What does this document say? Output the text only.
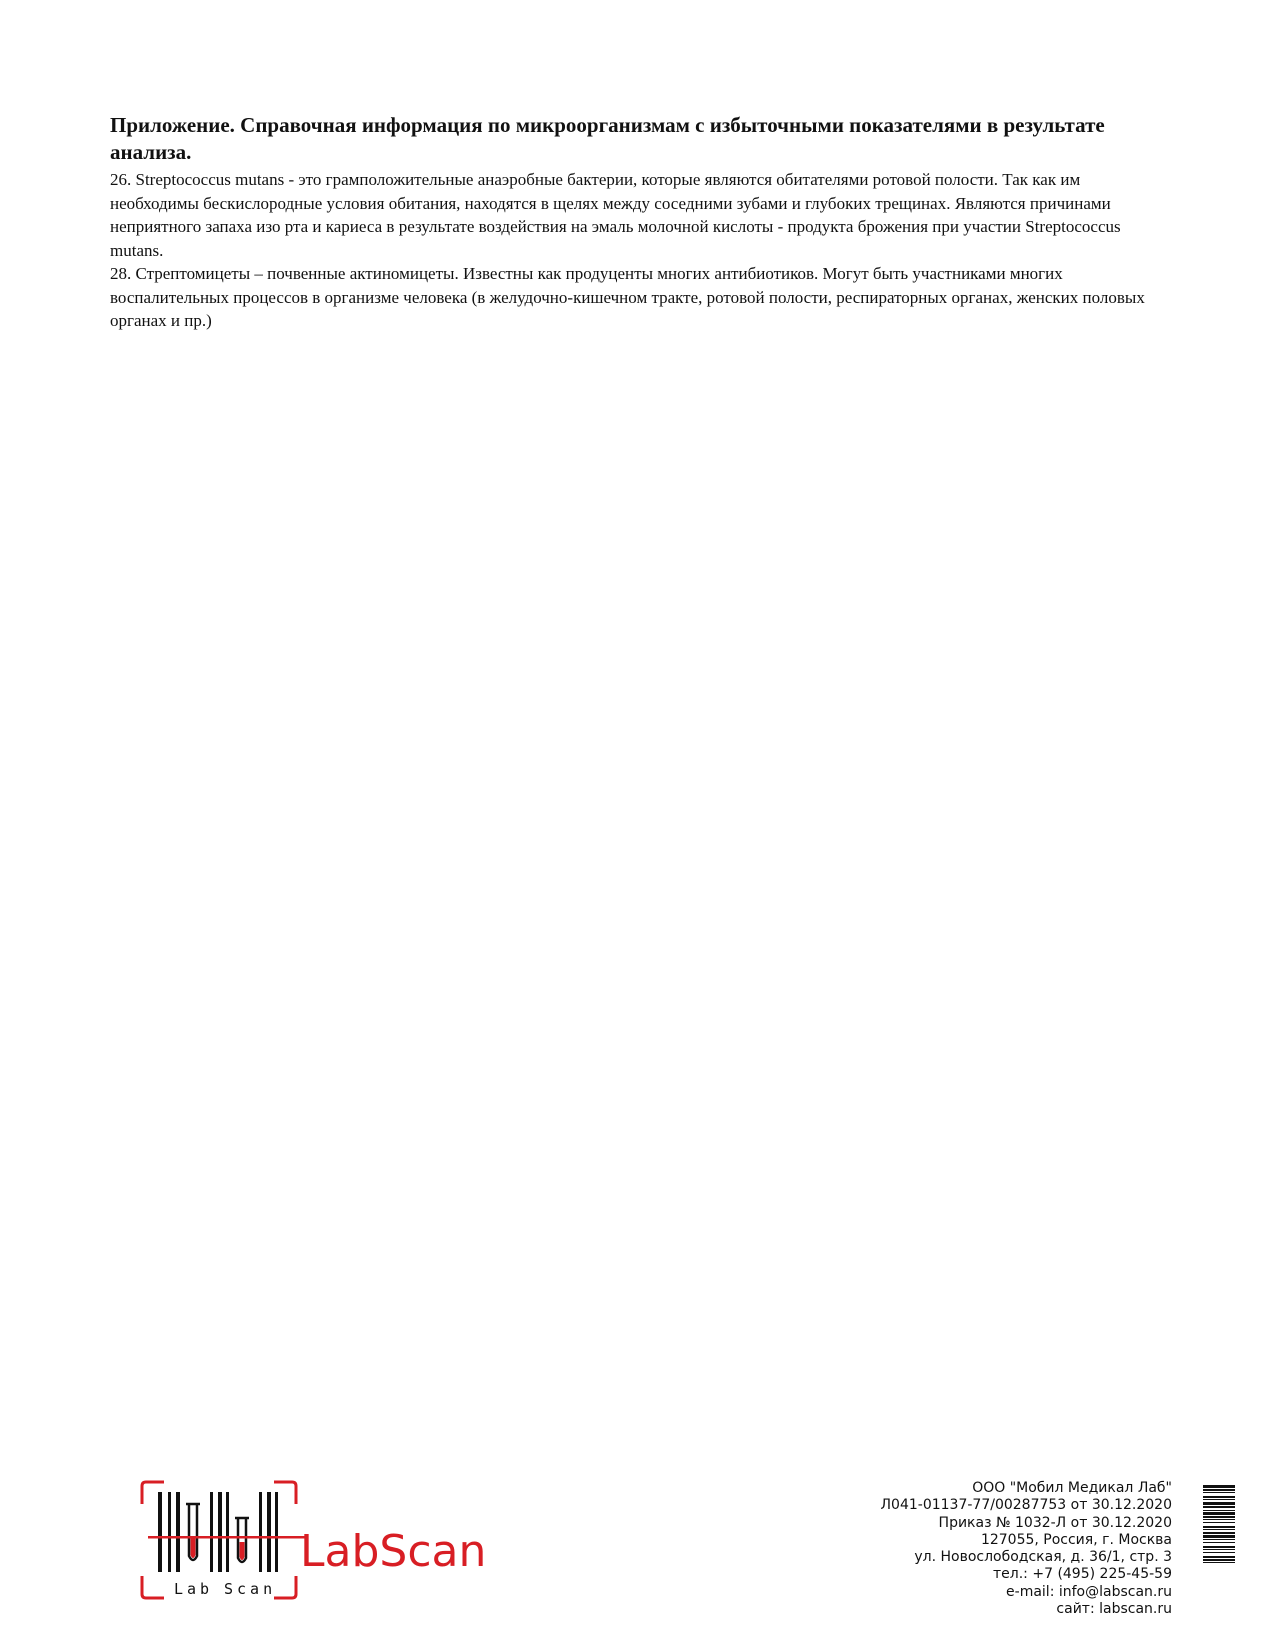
Приложение. Справочная информация по микроорганизмам с избыточными показателями в результате анализа.

26. Streptococcus mutans - это грамположительные анаэробные бактерии, которые являются обитателями ротовой полости. Так как им необходимы бескислородные условия обитания, находятся в щелях между соседними зубами и глубоких трещинах. Являются причинами неприятного запаха изо рта и кариеса в результате воздействия на эмаль молочной кислоты - продукта брожения при участии Streptococcus mutans.

28. Стрептомицеты – почвенные актиномицеты. Известны как продуценты многих антибиотиков. Могут быть участниками многих воспалительных процессов в организме человека (в желудочно-кишечном тракте, ротовой полости, респираторных органах, женских половых органах и пр.)

Lab Scan
LabScan
ООО "Мобил Медикал Лаб"
Л041-01137-77/00287753 от 30.12.2020
Приказ № 1032-Л от 30.12.2020
127055, Россия, г. Москва
ул. Новослободская, д. 36/1, стр. 3
тел.: +7 (495) 225-45-59
e-mail: info@labscan.ru
сайт: labscan.ru
